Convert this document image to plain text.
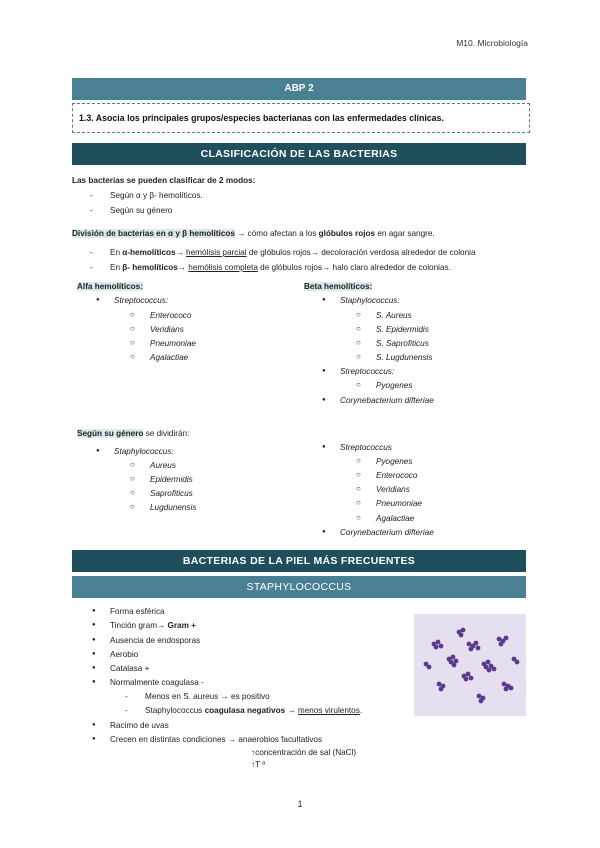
M10. Microbiología
ABP 2
1.3. Asocia los principales grupos/especies bacterianas con las enfermedades clínicas.
CLASIFICACIÓN DE LAS BACTERIAS
Las bacterias se pueden clasificar de 2 modos:
- Según α y β- hemolíticos.
- Según su género
División de bacterias en α y β hemolíticos → cómo afectan a los glóbulos rojos en agar sangre.
- En α-hemolíticos→ hemólisis parcial de glóbulos rojos→ decoloración verdosa alrededor de colonia
- En β- hemolíticos→ hemólisis completa de glóbulos rojos→ halo claro alrededor de colonias.
Alfa hemolíticos:
● Streptococcus:
○ Enterococo
○ Veridians
○ Pneumoniae
○ Agalactiae
Beta hemolíticos:
● Staphylococcus:
○ S. Aureus
○ S. Epidermidis
○ S. Saprofiticus
○ S. Lugdunensis
● Streptococcus:
○ Pyogenes
● Corynebacterium difteriae
Según su género se dividirán:
● Staphylococcus:
○ Aureus
○ Epidermidis
○ Saprofiticus
○ Lugdunensis
● Streptococcus
○ Pyogenes
○ Enterococo
○ Veridians
○ Pneumoniae
○ Agalactiae
● Corynebacterium difteriae
BACTERIAS DE LA PIEL MÁS FRECUENTES
STAPHYLOCOCCUS
● Forma esférica
● Tinción gram→ Gram +
● Ausencia de endosporas
● Aerobio
● Catalasa +
● Normalmente coagulasa -
- Menos en S. aureus → es positivo
- Staphylococcus coagulasa negativos → menos virulentos.
● Racimo de uvas
● Crecen en distintas condiciones → anaerobios facultativos
↑concentración de sal (NaCl)
↑T º
1
